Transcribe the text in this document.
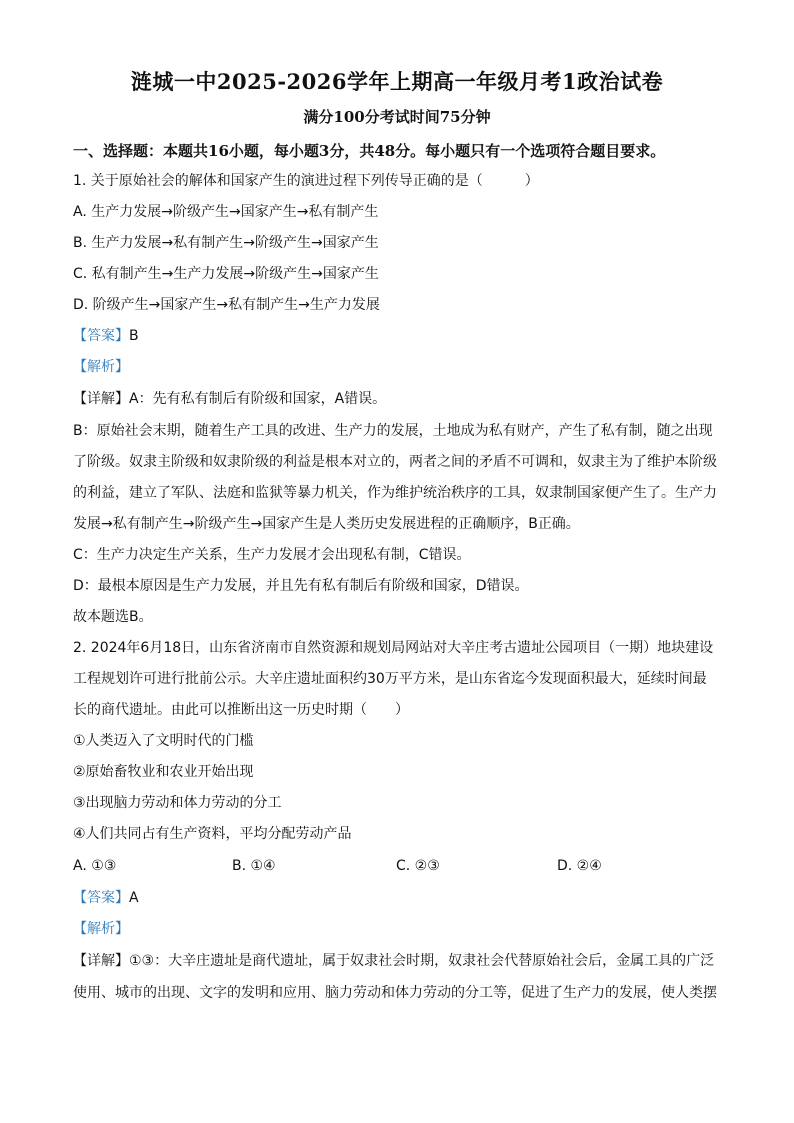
涟城一中2025-2026学年上期高一年级月考1政治试卷
满分100分考试时间75分钟
一、选择题：本题共16小题，每小题3分，共48分。每小题只有一个选项符合题目要求。
1. 关于原始社会的解体和国家产生的演进过程下列传导正确的是（　　　）
A. 生产力发展→阶级产生→国家产生→私有制产生
B. 生产力发展→私有制产生→阶级产生→国家产生
C. 私有制产生→生产力发展→阶级产生→国家产生
D. 阶级产生→国家产生→私有制产生→生产力发展
【答案】B
【解析】
【详解】A：先有私有制后有阶级和国家，A错误。
B：原始社会末期，随着生产工具的改进、生产力的发展，土地成为私有财产，产生了私有制，随之出现
了阶级。奴隶主阶级和奴隶阶级的利益是根本对立的，两者之间的矛盾不可调和，奴隶主为了维护本阶级
的利益，建立了军队、法庭和监狱等暴力机关，作为维护统治秩序的工具，奴隶制国家便产生了。生产力
发展→私有制产生→阶级产生→国家产生是人类历史发展进程的正确顺序，B正确。
C：生产力决定生产关系，生产力发展才会出现私有制，C错误。
D：最根本原因是生产力发展，并且先有私有制后有阶级和国家，D错误。
故本题选B。
2. 2024年6月18日，山东省济南市自然资源和规划局网站对大辛庄考古遗址公园项目（一期）地块建设
工程规划许可进行批前公示。大辛庄遗址面积约30万平方米，是山东省迄今发现面积最大，延续时间最
长的商代遗址。由此可以推断出这一历史时期（　　）
①人类迈入了文明时代的门槛
②原始畜牧业和农业开始出现
③出现脑力劳动和体力劳动的分工
④人们共同占有生产资料，平均分配劳动产品
A. ①③	B. ①④	C. ②③	D. ②④
【答案】A
【解析】
【详解】①③：大辛庄遗址是商代遗址，属于奴隶社会时期，奴隶社会代替原始社会后，金属工具的广泛
使用、城市的出现、文字的发明和应用、脑力劳动和体力劳动的分工等，促进了生产力的发展，使人类摆
